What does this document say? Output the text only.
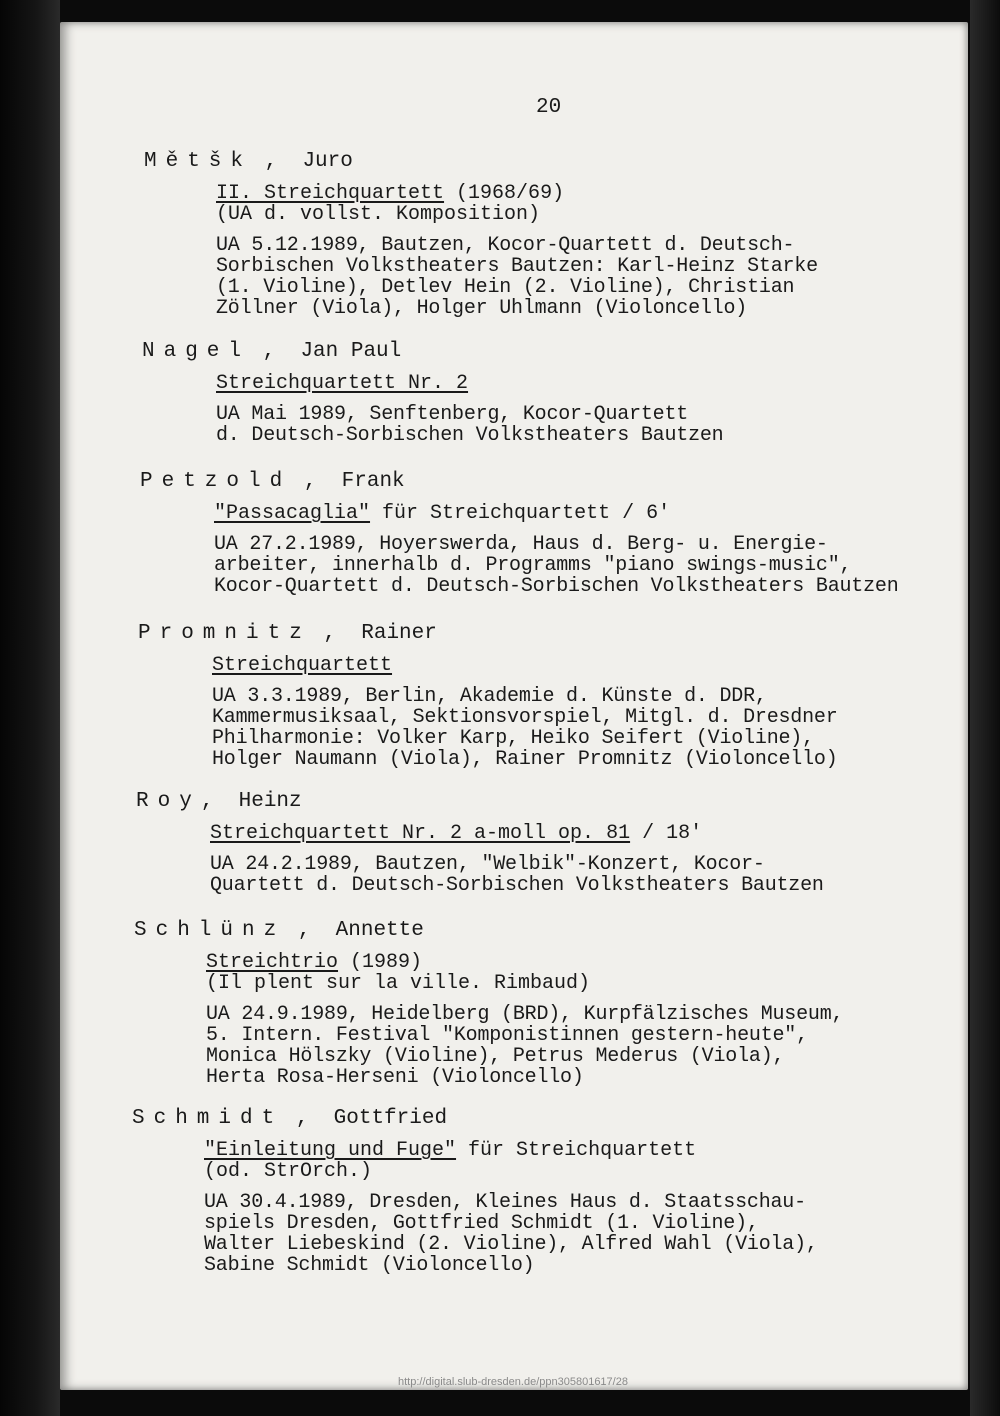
20
Mětšk ,  Juro
II. Streichquartett (1968/69)
(UA d. vollst. Komposition)
UA 5.12.1989, Bautzen, Kocor-Quartett d. Deutsch-
Sorbischen Volkstheaters Bautzen: Karl-Heinz Starke
(1. Violine), Detlev Hein (2. Violine), Christian
Zöllner (Viola), Holger Uhlmann (Violoncello)
Nagel ,  Jan Paul
Streichquartett Nr. 2
UA Mai 1989, Senftenberg, Kocor-Quartett
d. Deutsch-Sorbischen Volkstheaters Bautzen
Petzold ,  Frank
"Passacaglia" für Streichquartett / 6'
UA 27.2.1989, Hoyerswerda, Haus d. Berg- u. Energie-
arbeiter, innerhalb d. Programms "piano swings-music",
Kocor-Quartett d. Deutsch-Sorbischen Volkstheaters Bautzen
Promnitz ,  Rainer
Streichquartett
UA 3.3.1989, Berlin, Akademie d. Künste d. DDR,
Kammermusiksaal, Sektionsvorspiel, Mitgl. d. Dresdner
Philharmonie: Volker Karp, Heiko Seifert (Violine),
Holger Naumann (Viola), Rainer Promnitz (Violoncello)
Roy,  Heinz
Streichquartett Nr. 2 a-moll op. 81 / 18'
UA 24.2.1989, Bautzen, "Welbik"-Konzert, Kocor-
Quartett d. Deutsch-Sorbischen Volkstheaters Bautzen
Schlünz ,  Annette
Streichtrio (1989)
(Il plent sur la ville. Rimbaud)
UA 24.9.1989, Heidelberg (BRD), Kurpfälzisches Museum,
5. Intern. Festival "Komponistinnen gestern-heute",
Monica Hölszky (Violine), Petrus Mederus (Viola),
Herta Rosa-Herseni (Violoncello)
Schmidt ,  Gottfried
"Einleitung und Fuge" für Streichquartett
(od. StrOrch.)
UA 30.4.1989, Dresden, Kleines Haus d. Staatsschau-
spiels Dresden, Gottfried Schmidt (1. Violine),
Walter Liebeskind (2. Violine), Alfred Wahl (Viola),
Sabine Schmidt (Violoncello)
http://digital.slub-dresden.de/ppn305801617/28
